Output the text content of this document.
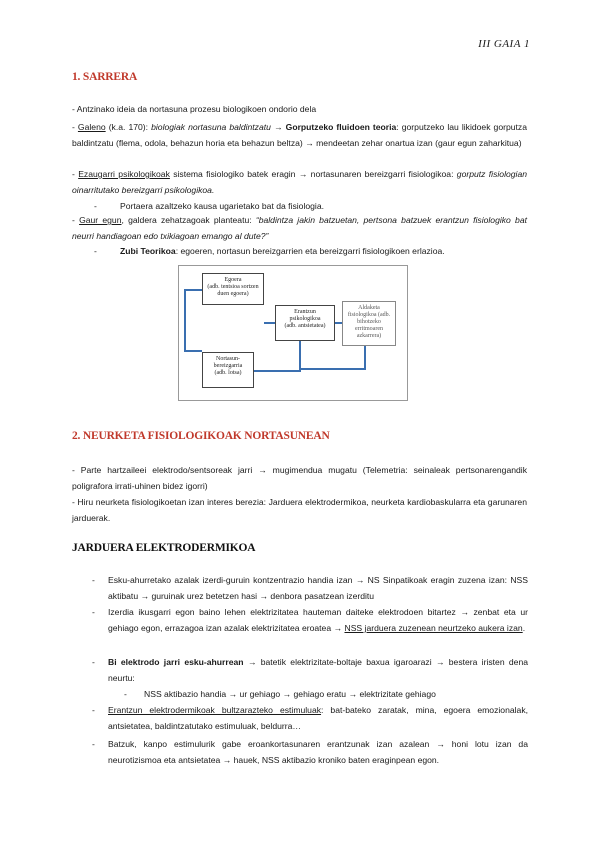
III GAIA 1
1. SARRERA
- Antzinako ideia da nortasuna prozesu biologikoen ondorio dela
- Galeno (k.a. 170): biologiak nortasuna baldintzatu → Gorputzeko fluidoen teoria: gorputzeko lau likidoek gorputza baldintzatu (flema, odola, behazun horia eta behazun beltza) → mendeetan zehar onartua izan (gaur egun zaharkitua)
- Ezaugarri psikologikoak sistema fisiologiko batek eragin → nortasunaren bereizgarri fisiologikoa: gorputz fisiologian oinarritutako bereizgarri psikologikoa.
-	Portaera azaltzeko kausa ugarietako bat da fisiologia.
- Gaur egun, galdera zehatzagoak planteatu: “baldintza jakin batzuetan, pertsona batzuek erantzun fisiologiko bat neurri handiagoan edo txikiagoan emango al dute?”
-	Zubi Teorikoa: egoeren, nortasun bereizgarrien eta bereizgarri fisiologikoen erlazioa.
Egoera
(adb. tentsioa sortzen
duen egoera)
Erantzun
psikologikoa
(adb. antsietatea)
Aldaketa
fisiologikoa (adb.
bihotzeko
erritmoaren
azkarrera)
Nortasun-
bereizgarria
(adb. lotsa)
2. NEURKETA FISIOLOGIKOAK NORTASUNEAN
- Parte hartzaileei elektrodo/sentsoreak jarri → mugimendua mugatu (Telemetria: seinaleak pertsonarengandik poligrafora irrati-uhinen bidez igorri)
- Hiru neurketa fisiologikoetan izan interes berezia: Jarduera elektrodermikoa, neurketa kardiobaskularra eta garunaren jarduerak.
JARDUERA ELEKTRODERMIKOA
- Esku-ahurretako azalak izerdi-guruin kontzentrazio handia izan → NS Sinpatikoak eragin zuzena izan: NSS aktibatu → guruinak urez betetzen hasi → denbora pasatzean izerditu
- Izerdia ikusgarri egon baino lehen elektrizitatea hauteman daiteke elektrodoen bitartez → zenbat eta ur gehiago egon, errazagoa izan azalak elektrizitatea eroatea → NSS jarduera zuzenean neurtzeko aukera izan.
- Bi elektrodo jarri esku-ahurrean → batetik elektrizitate-boltaje baxua igaroarazi → bestera iristen dena neurtu:
- NSS aktibazio handia → ur gehiago → gehiago eratu → elektrizitate gehiago
- Erantzun elektrodermikoak bultzarazteko estimuluak: bat-bateko zaratak, mina, egoera emozionalak, antsietatea, baldintzatutako estimuluak, beldurra…
- Batzuk, kanpo estimulurik gabe eroankortasunaren erantzunak izan azalean → honi lotu izan da neurotizismoa eta antsietatea → hauek, NSS aktibazio kroniko baten eraginpean egon.
